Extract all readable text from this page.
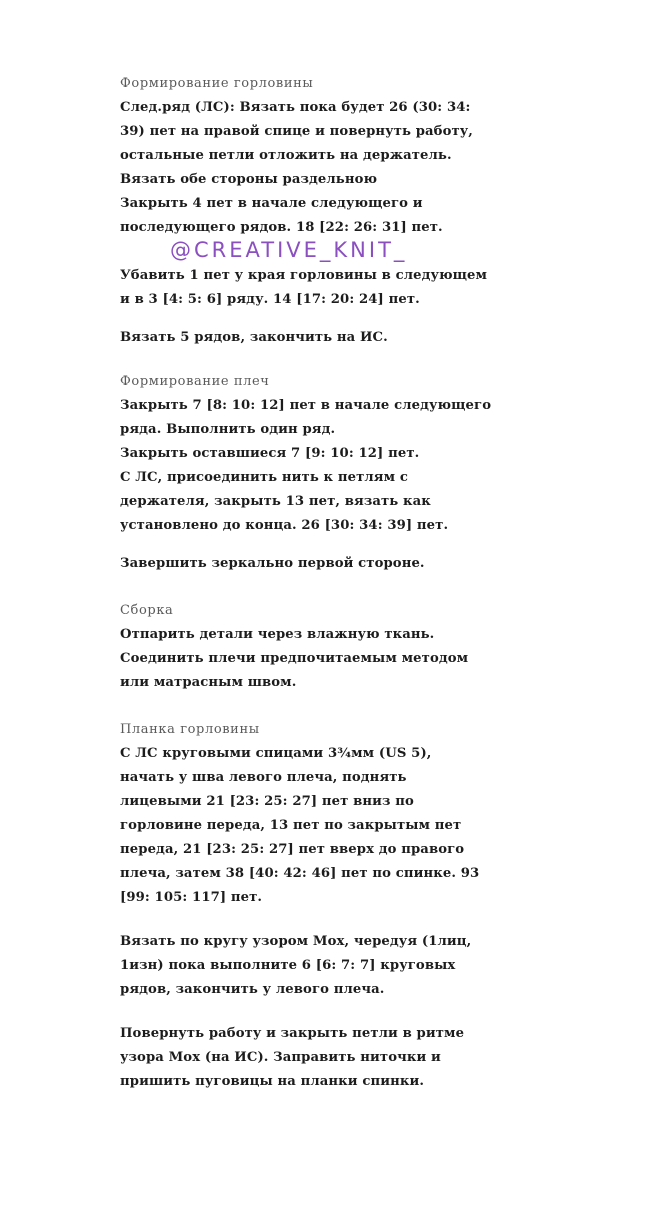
Формирование горловины
След.ряд (ЛС): Вязать пока будет 26 (30: 34:
39) пет на правой спице и повернуть работу,
остальные петли отложить на держатель.
Вязать обе стороны раздельною
Закрыть 4 пет в начале следующего и
последующего рядов. 18 [22: 26: 31] пет.
Убавить 1 пет у края горловины в следующем
и в 3 [4: 5: 6] ряду. 14 [17: 20: 24] пет.
Вязать 5 рядов, закончить на ИС.
Формирование плеч
Закрыть 7 [8: 10: 12] пет в начале следующего
ряда. Выполнить один ряд.
Закрыть оставшиеся 7 [9: 10: 12] пет.
С ЛС, присоединить нить к петлям с
держателя, закрыть 13 пет, вязать как
установлено до конца. 26 [30: 34: 39] пет.
Завершить зеркально первой стороне.
Сборка
Отпарить детали через влажную ткань.
Соединить плечи предпочитаемым методом
или матрасным швом.
Планка горловины
С ЛС круговыми спицами 3¾мм (US 5),
начать у шва левого плеча, поднять
лицевыми 21 [23: 25: 27] пет вниз по
горловине переда, 13 пет по закрытым пет
переда, 21 [23: 25: 27] пет вверх до правого
плеча, затем 38 [40: 42: 46] пет по спинке. 93
[99: 105: 117] пет.
Вязать по кругу узором Мох, чередуя (1лиц,
1изн) пока выполните 6 [6: 7: 7] круговых
рядов, закончить у левого плеча.
Повернуть работу и закрыть петли в ритме
узора Мох (на ИС). Заправить ниточки и
пришить пуговицы на планки спинки.
@CREATIVE_KNIT_
